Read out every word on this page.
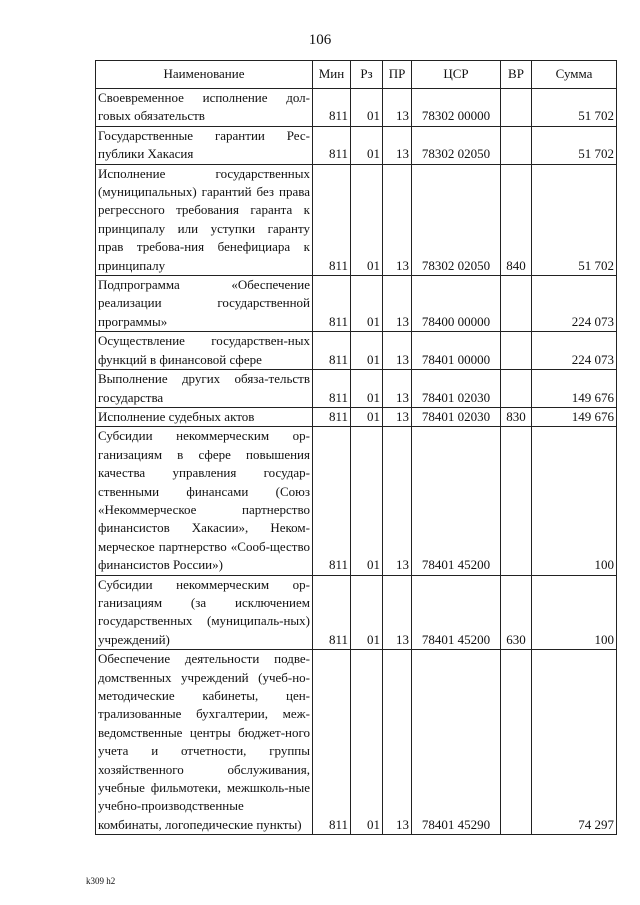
106
Наименование	Мин	Рз	ПР	ЦСР	ВР	Сумма
Своевременное исполнение дол-говых обязательств	811	01	13	78302 00000		51 702
Государственные гарантии Рес-публики Хакасия	811	01	13	78302 02050		51 702
Исполнение государственных (муниципальных) гарантий без права регрессного требования гаранта к принципалу или уступки гаранту прав требова-ния бенефициара к принципалу	811	01	13	78302 02050	840	51 702
Подпрограмма «Обеспечение реализации государственной программы»	811	01	13	78400 00000		224 073
Осуществление государствен-ных функций в финансовой сфере	811	01	13	78401 00000		224 073
Выполнение других обяза-тельств государства	811	01	13	78401 02030		149 676
Исполнение судебных актов	811	01	13	78401 02030	830	149 676
Субсидии некоммерческим ор-ганизациям в сфере повышения качества управления государ-ственными финансами (Союз «Некоммерческое партнерство финансистов Хакасии», Неком-мерческое партнерство «Сооб-щество финансистов России»)	811	01	13	78401 45200		100
Субсидии некоммерческим ор-ганизациям (за исключением государственных (муниципаль-ных) учреждений)	811	01	13	78401 45200	630	100
Обеспечение деятельности подве-домственных учреждений (учеб-но-методические кабинеты, цен-трализованные бухгалтерии, меж-ведомственные центры бюджет-ного учета и отчетности, группы хозяйственного обслуживания, учебные фильмотеки, межшколь-ные учебно-производственные комбинаты, логопедические пункты)	811	01	13	78401 45290		74 297
k309 h2
